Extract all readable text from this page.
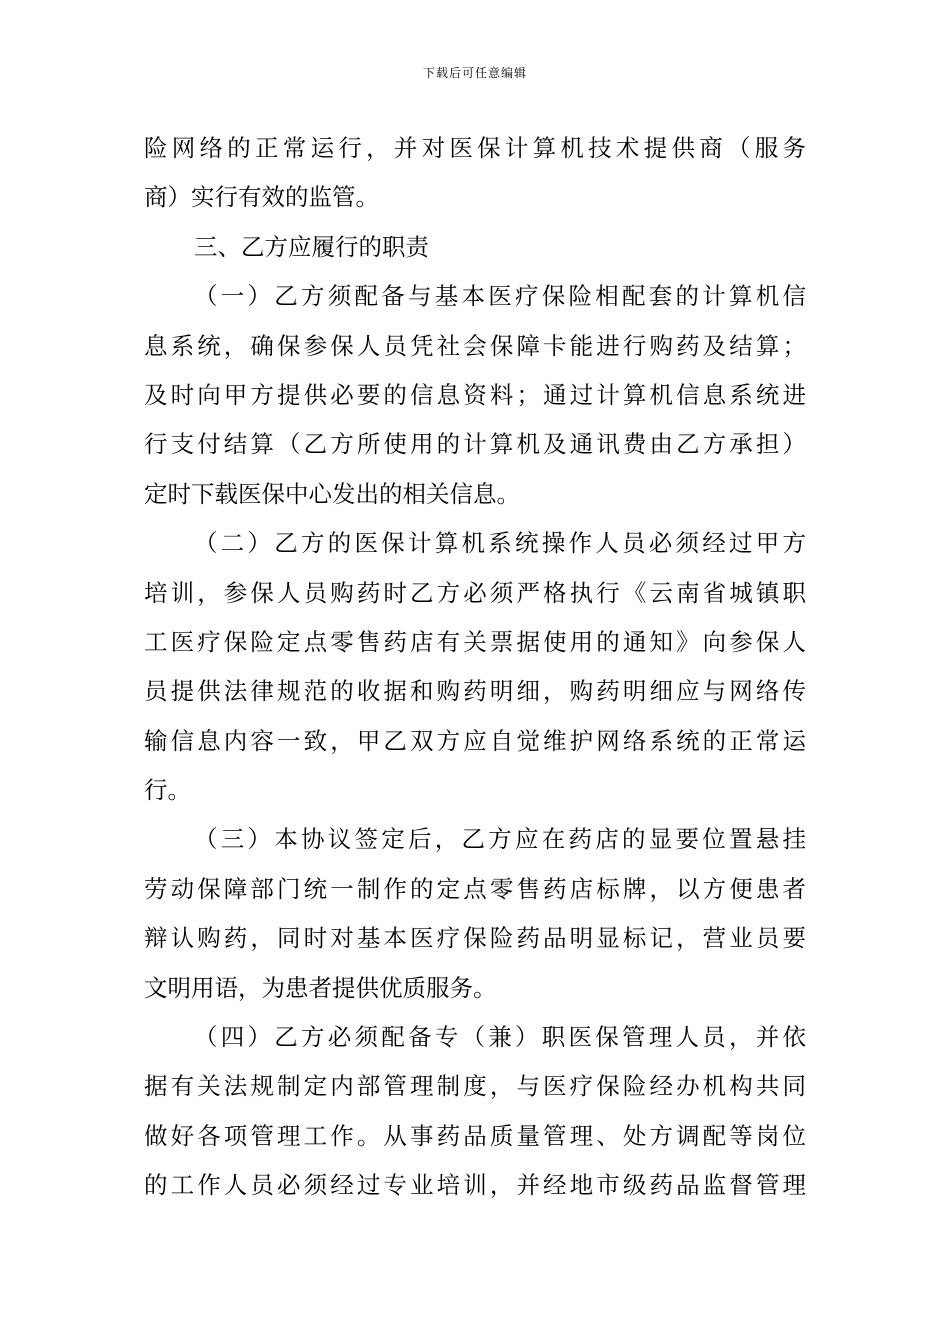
下载后可任意编辑
险网络的正常运行，并对医保计算机技术提供商（服务
商）实行有效的监管。
三、乙方应履行的职责
（一）乙方须配备与基本医疗保险相配套的计算机信
息系统，确保参保人员凭社会保障卡能进行购药及结算；
及时向甲方提供必要的信息资料；通过计算机信息系统进
行支付结算（乙方所使用的计算机及通讯费由乙方承担）
定时下载医保中心发出的相关信息。
（二）乙方的医保计算机系统操作人员必须经过甲方
培训，参保人员购药时乙方必须严格执行《云南省城镇职
工医疗保险定点零售药店有关票据使用的通知》向参保人
员提供法律规范的收据和购药明细，购药明细应与网络传
输信息内容一致，甲乙双方应自觉维护网络系统的正常运
行。
（三）本协议签定后，乙方应在药店的显要位置悬挂
劳动保障部门统一制作的定点零售药店标牌，以方便患者
辩认购药，同时对基本医疗保险药品明显标记，营业员要
文明用语，为患者提供优质服务。
（四）乙方必须配备专（兼）职医保管理人员，并依
据有关法规制定内部管理制度，与医疗保险经办机构共同
做好各项管理工作。从事药品质量管理、处方调配等岗位
的工作人员必须经过专业培训，并经地市级药品监督管理
